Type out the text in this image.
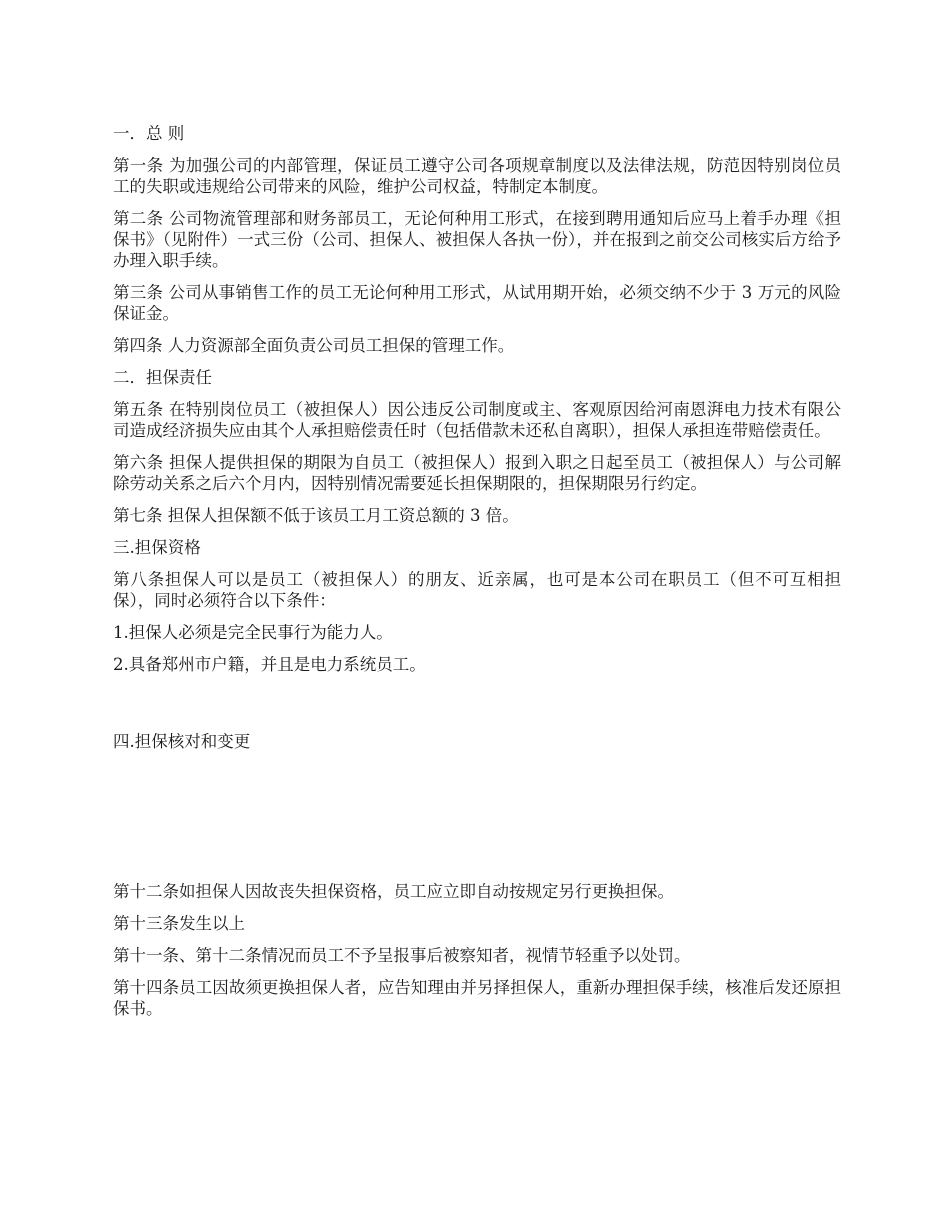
一．总 则

第一条 为加强公司的内部管理，保证员工遵守公司各项规章制度以及法律法规，防范因特别岗位员工的失职或违规给公司带来的风险，维护公司权益，特制定本制度。

第二条 公司物流管理部和财务部员工，无论何种用工形式，在接到聘用通知后应马上着手办理《担保书》（见附件）一式三份（公司、担保人、被担保人各执一份），并在报到之前交公司核实后方给予办理入职手续。

第三条 公司从事销售工作的员工无论何种用工形式，从试用期开始，必须交纳不少于 3 万元的风险保证金。

第四条 人力资源部全面负责公司员工担保的管理工作。

二．担保责任

第五条 在特别岗位员工（被担保人）因公违反公司制度或主、客观原因给河南恩湃电力技术有限公司造成经济损失应由其个人承担赔偿责任时（包括借款未还私自离职），担保人承担连带赔偿责任。

第六条 担保人提供担保的期限为自员工（被担保人）报到入职之日起至员工（被担保人）与公司解除劳动关系之后六个月内，因特别情况需要延长担保期限的，担保期限另行约定。

第七条 担保人担保额不低于该员工月工资总额的 3 倍。

三.担保资格

第八条担保人可以是员工（被担保人）的朋友、近亲属，也可是本公司在职员工（但不可互相担保），同时必须符合以下条件：

1.担保人必须是完全民事行为能力人。

2.具备郑州市户籍，并且是电力系统员工。

四.担保核对和变更

第十二条如担保人因故丧失担保资格，员工应立即自动按规定另行更换担保。

第十三条发生以上

第十一条、第十二条情况而员工不予呈报事后被察知者，视情节轻重予以处罚。

第十四条员工因故须更换担保人者，应告知理由并另择担保人，重新办理担保手续，核准后发还原担保书。
